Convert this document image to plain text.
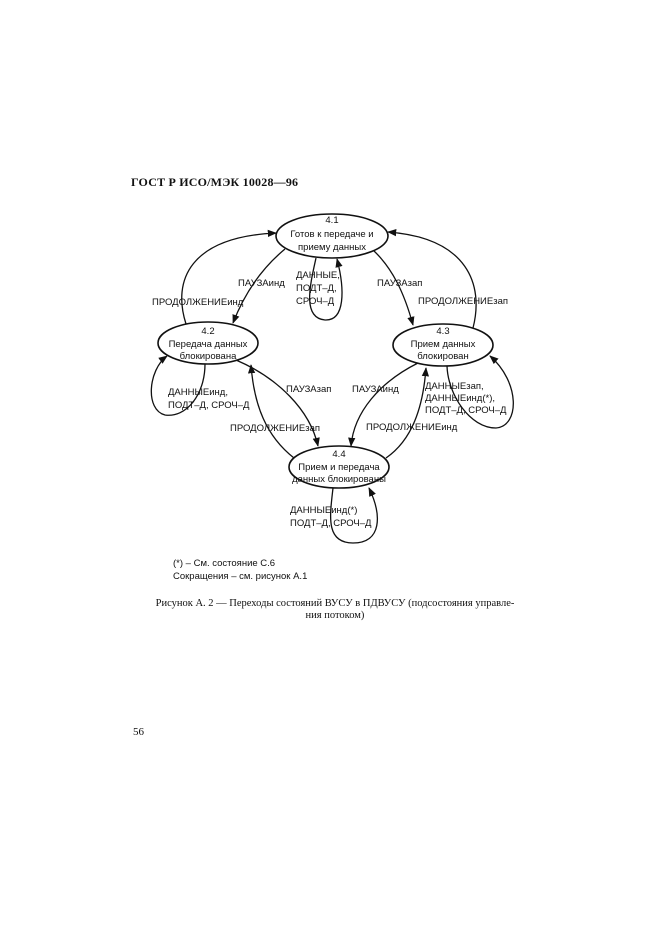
ГОСТ Р ИСО/МЭК 10028—96
4.1
Готов к передаче и
приему данных
4.2
Передача данных
блокирована
4.3
Прием данных
блокирован
4.4
Прием и передача
данных блокированы
ПАУЗАинд
ПРОДОЛЖЕНИЕинд
ДАННЫЕ,
ПОДТ–Д,
СРОЧ–Д
ПАУЗАзап
ПРОДОЛЖЕНИЕзап
ДАННЫЕинд,
ПОДТ–Д, СРОЧ–Д
ДАННЫЕзап,
ДАННЫЕинд(*),
ПОДТ–Д, СРОЧ–Д
ПАУЗАзап
ПРОДОЛЖЕНИЕзап
ПАУЗАинд
ПРОДОЛЖЕНИЕинд
ДАННЫЕинд(*)
ПОДТ–Д, СРОЧ–Д
(*) – См. состояние С.6
Сокращения – см. рисунок А.1
Рисунок А. 2 — Переходы состояний ВУСУ в ПДВУСУ (подсостояния управле-
ния потоком)
56
